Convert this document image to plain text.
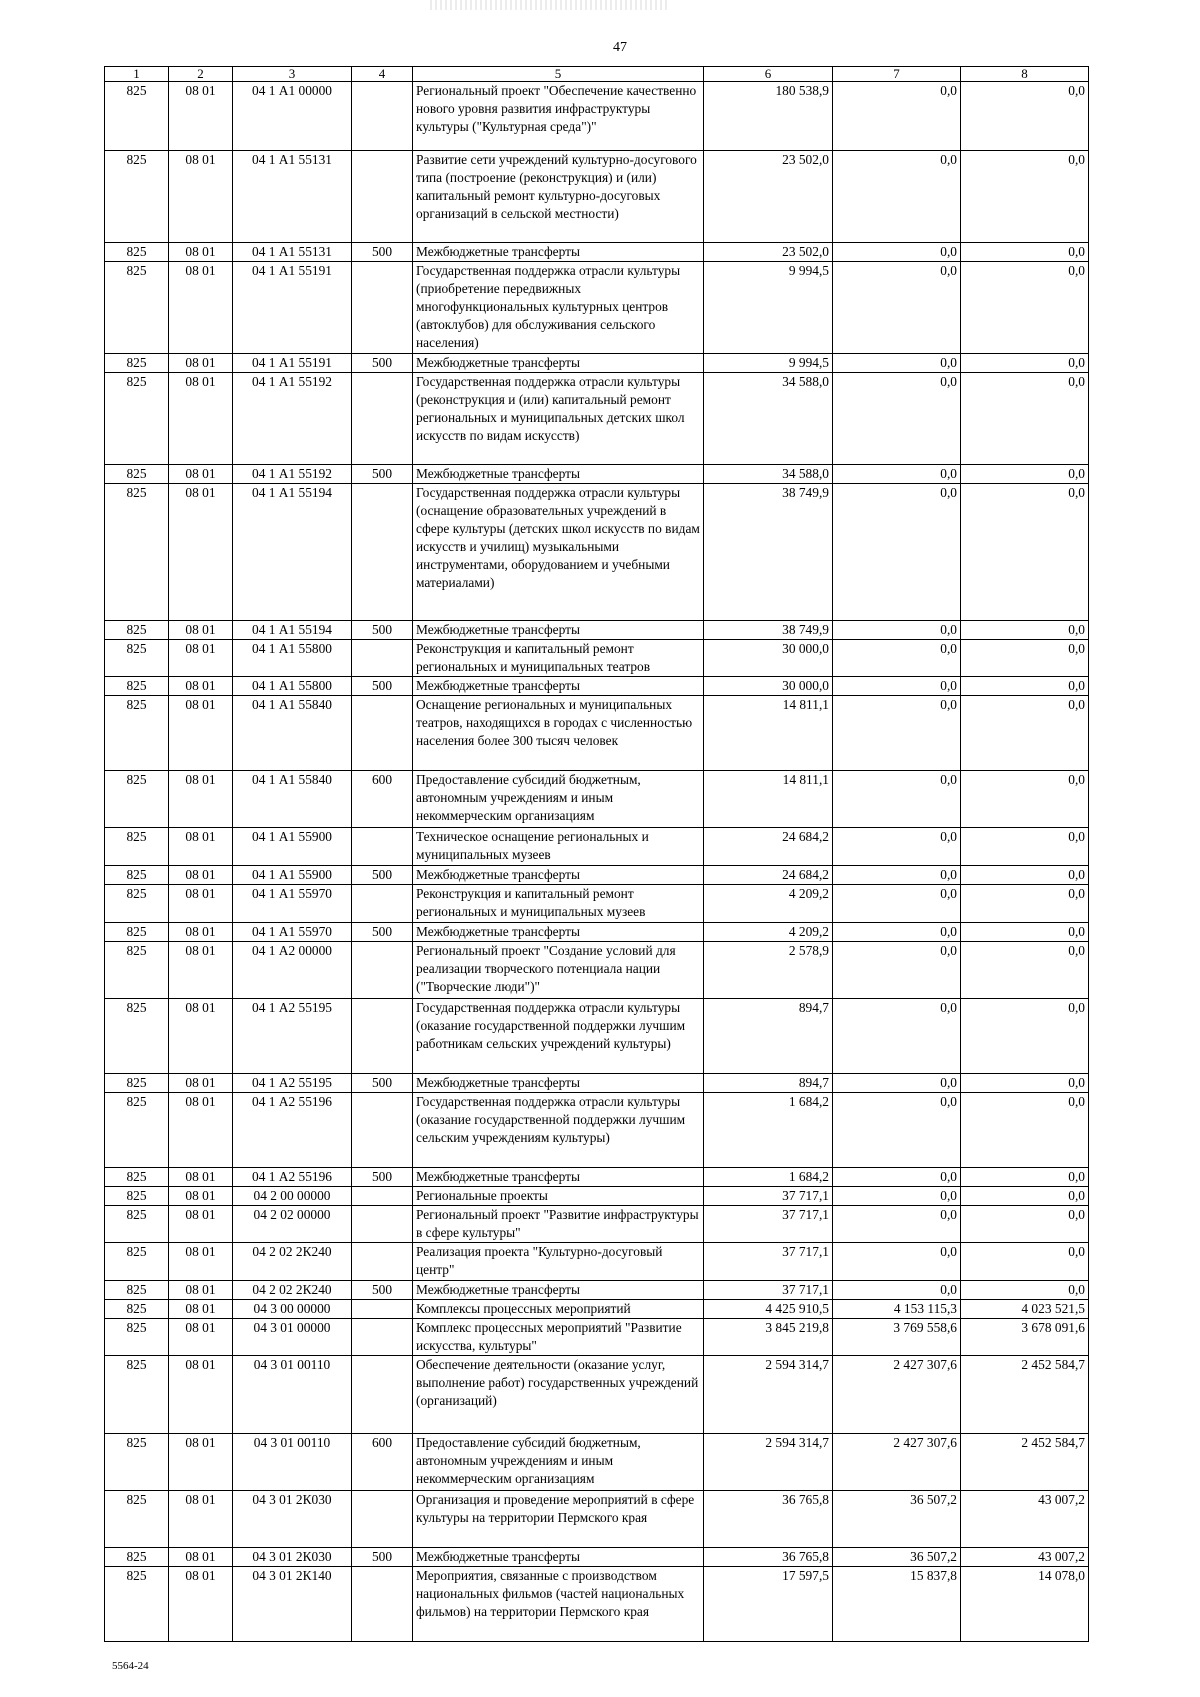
47
1	2	3	4	5	6	7	8
825	08 01	04 1 А1 00000		Региональный проект "Обеспечение качественно нового уровня развития инфраструктуры культуры ("Культурная среда")"	180 538,9	0,0	0,0
825	08 01	04 1 А1 55131		Развитие сети учреждений культурно-досугового типа (построение (реконструкция) и (или) капитальный ремонт культурно-досуговых организаций в сельской местности)	23 502,0	0,0	0,0
825	08 01	04 1 А1 55131	500	Межбюджетные трансферты	23 502,0	0,0	0,0
825	08 01	04 1 А1 55191		Государственная поддержка отрасли культуры (приобретение передвижных многофункциональных культурных центров (автоклубов) для обслуживания сельского населения)	9 994,5	0,0	0,0
825	08 01	04 1 А1 55191	500	Межбюджетные трансферты	9 994,5	0,0	0,0
825	08 01	04 1 А1 55192		Государственная поддержка отрасли культуры (реконструкция и (или) капитальный ремонт региональных и муниципальных детских школ искусств по видам искусств)	34 588,0	0,0	0,0
825	08 01	04 1 А1 55192	500	Межбюджетные трансферты	34 588,0	0,0	0,0
825	08 01	04 1 А1 55194		Государственная поддержка отрасли культуры (оснащение образовательных учреждений в сфере культуры (детских школ искусств по видам искусств и училищ) музыкальными инструментами, оборудованием и учебными материалами)	38 749,9	0,0	0,0
825	08 01	04 1 А1 55194	500	Межбюджетные трансферты	38 749,9	0,0	0,0
825	08 01	04 1 А1 55800		Реконструкция и капитальный ремонт региональных и муниципальных театров	30 000,0	0,0	0,0
825	08 01	04 1 А1 55800	500	Межбюджетные трансферты	30 000,0	0,0	0,0
825	08 01	04 1 А1 55840		Оснащение региональных и муниципальных театров, находящихся в городах с численностью населения более 300 тысяч человек	14 811,1	0,0	0,0
825	08 01	04 1 А1 55840	600	Предоставление субсидий бюджетным, автономным учреждениям и иным некоммерческим организациям	14 811,1	0,0	0,0
825	08 01	04 1 А1 55900		Техническое оснащение региональных и муниципальных музеев	24 684,2	0,0	0,0
825	08 01	04 1 А1 55900	500	Межбюджетные трансферты	24 684,2	0,0	0,0
825	08 01	04 1 А1 55970		Реконструкция и капитальный ремонт региональных и муниципальных музеев	4 209,2	0,0	0,0
825	08 01	04 1 А1 55970	500	Межбюджетные трансферты	4 209,2	0,0	0,0
825	08 01	04 1 А2 00000		Региональный проект "Создание условий для реализации творческого потенциала нации ("Творческие люди")"	2 578,9	0,0	0,0
825	08 01	04 1 А2 55195		Государственная поддержка отрасли культуры (оказание государственной поддержки лучшим работникам сельских учреждений культуры)	894,7	0,0	0,0
825	08 01	04 1 А2 55195	500	Межбюджетные трансферты	894,7	0,0	0,0
825	08 01	04 1 А2 55196		Государственная поддержка отрасли культуры (оказание государственной поддержки лучшим сельским учреждениям культуры)	1 684,2	0,0	0,0
825	08 01	04 1 А2 55196	500	Межбюджетные трансферты	1 684,2	0,0	0,0
825	08 01	04 2 00 00000		Региональные проекты	37 717,1	0,0	0,0
825	08 01	04 2 02 00000		Региональный проект "Развитие инфраструктуры в сфере культуры"	37 717,1	0,0	0,0
825	08 01	04 2 02 2К240		Реализация проекта "Культурно-досуговый центр"	37 717,1	0,0	0,0
825	08 01	04 2 02 2К240	500	Межбюджетные трансферты	37 717,1	0,0	0,0
825	08 01	04 3 00 00000		Комплексы процессных мероприятий	4 425 910,5	4 153 115,3	4 023 521,5
825	08 01	04 3 01 00000		Комплекс процессных мероприятий "Развитие искусства, культуры"	3 845 219,8	3 769 558,6	3 678 091,6
825	08 01	04 3 01 00110		Обеспечение деятельности (оказание услуг, выполнение работ) государственных учреждений (организаций)	2 594 314,7	2 427 307,6	2 452 584,7
825	08 01	04 3 01 00110	600	Предоставление субсидий бюджетным, автономным учреждениям и иным некоммерческим организациям	2 594 314,7	2 427 307,6	2 452 584,7
825	08 01	04 3 01 2К030		Организация и проведение мероприятий в сфере культуры на территории Пермского края	36 765,8	36 507,2	43 007,2
825	08 01	04 3 01 2К030	500	Межбюджетные трансферты	36 765,8	36 507,2	43 007,2
825	08 01	04 3 01 2К140		Мероприятия, связанные с производством национальных фильмов (частей национальных фильмов) на территории Пермского края	17 597,5	15 837,8	14 078,0
5564-24
